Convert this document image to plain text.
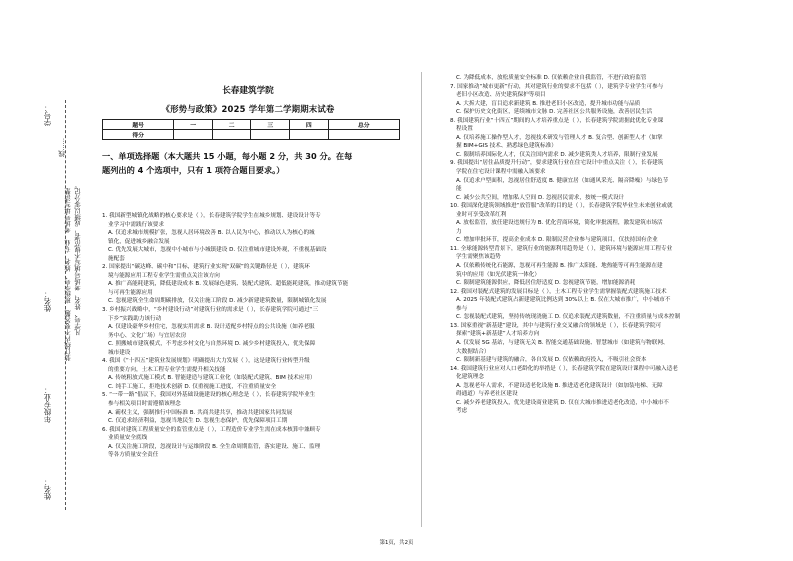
学号：
姓名：
年级专业：
装订线内不要答题，班级学号、姓名、专业、考场号填写清楚， 凡学号、姓名、考场号填写不规范者，成绩以零分记。
线……
姓名：
长春建筑学院
《形势与政策》2025 学年第二学期期末试卷
题号	一	二	三	四	总分
得分					
一、单项选择题（本大题共 15 小题，每小题 2 分，共 30 分。在每
题列出的 4 个选项中，只有 1 项符合题目要求。）

1. 我国新型城镇化战略的核心要求是（ ），长春建筑学院学生在城乡规划、建设设计等专

业学习中需践行该要求

A. 仅追求城市规模扩张，忽视人居环境改善 B. 以人民为中心，推动以人为核心的城

镇化，促进城乡融合发展

C. 优先发展大城市，忽视中小城市与小城镇建设 D. 仅注重城市建设外观，不重视基础设

施配套

2. 国家提出“碳达峰、碳中和”目标，建筑行业实现“双碳”的关键路径是（ ），建筑环

境与能源应用工程专业学生需重点关注该方向

A. 推广高能耗建筑，降低建设成本 B. 发展绿色建筑、装配式建筑、超低能耗建筑，推动建筑节能

与可再生能源应用

C. 忽视建筑全生命周期碳排放，仅关注施工阶段 D. 减少新建建筑数量，限制城镇化发展

3. 乡村振兴战略中，“乡村建设行动”对建筑行业的需求是（ ），长春建筑学院可通过“三

下乡”实践助力该行动

A. 仅建设豪华乡村住宅，忽视实用需求 B. 设计适配乡村特点的公共设施（如养老服

务中心、文化广场）与宜居农房

C. 照搬城市建筑模式，不考虑乡村文化与自然环境 D. 减少乡村建筑投入，优先保障

城市建设

4. 我国《“十四五”建筑业发展规划》明确提出大力发展（ ），这是建筑行业转型升级

的重要方向，土木工程专业学生需提升相关技能

A. 传统粗放式施工模式 B. 智能建造与建筑工业化（如装配式建筑、BIM 技术应用）

C. 纯手工施工，拒绝技术创新 D. 仅重视施工进度，不注重质量安全

5. “一带一路”倡议下，我国对外基础设施建设的核心理念是（ ），长春建筑学院毕业生

参与相关项目时需遵循该理念

A. 霸权主义，强制推行中国标准 B. 共商共建共享，推动共建国家共同发展

C. 仅追求经济利益，忽视当地民生 D. 忽视生态保护，优先保障项目工期

6. 我国对建筑工程质量安全的监管重点是（ ），工程造价专业学生需在成本核算中兼顾专

业质量安全底线

A. 仅关注施工阶段，忽视设计与运维阶段 B. 全生命周期监管，落实建设、施工、监理

等各方质量安全责任

C. 为降低成本，放松质量安全标准 D. 仅依赖企业自我监管，不进行政府监管

7. 国家推动“城市更新”行动，其对建筑行业的要求不包括（ ），建筑学专业学生可参与

老旧小区改造、历史建筑保护等项目

A. 大拆大建，盲目追求新建筑 B. 推进老旧小区改造，提升城市功能与品质

C. 保护历史文化街区，延续城市文脉 D. 完善社区公共服务设施，改善居民生活

8. 我国建筑行业“十四五”期间的人才培养重点是（ ），长春建筑学院需据此优化专业课

程设置

A. 仅培养施工操作型人才，忽视技术研发与管理人才 B. 复合型、创新型人才（如掌

握 BIM+GIS 技术、熟悉绿色建筑标准）

C. 限制培养国际化人才，仅关注国内需求 D. 减少建筑类人才培养，限制行业发展

9. 我国提出“居住品质提升行动”，要求建筑行业在住宅设计中重点关注（ ），长春建筑

学院在住宅设计课程中需融入该要求

A. 仅追求户型面积，忽视居住舒适度 B. 健康宜居（如通风采光、隔音降噪）与绿色节

能

C. 减少公共空间，增加私人空间 D. 忽视居民需求，按统一模式设计

10. 我国深化建筑领域推进“放管服”改革的目的是（ ），长春建筑学院毕业生未来创业或就

业时可享受改革红利

A. 放松监管，放任建设违规行为 B. 优化营商环境，简化审批流程，激发建筑市场活

力

C. 增加审批环节，提高企业成本 D. 限制民营企业参与建筑项目，仅扶持国有企业

11. 全球能源转型背景下，建筑行业的能源利用趋势是（ ），建筑环境与能源应用工程专业

学生需聚焦该趋势

A. 仅依赖传统化石能源，忽视可再生能源 B. 推广太阳能、地热能等可再生能源在建

筑中的应用（如光伏建筑一体化）

C. 限制建筑能源供应，降低居住舒适度 D. 忽视建筑节能，增加能源消耗

12. 我国对装配式建筑的发展目标是（ ），土木工程专业学生需掌握装配式建筑施工技术

A. 2025 年装配式建筑占新建建筑比例达到 30%以上 B. 仅在大城市推广，中小城市不

参与

C. 忽视装配式建筑，坚持传统现浇施工 D. 仅追求装配式建筑数量，不注重质量与成本控制

13. 国家重视“新基建”建设，其中与建筑行业交叉融合的领域是（ ），长春建筑学院可

探索“建筑+新基建”人才培养方向

A. 仅发展 5G 基站，与建筑无关 B. 智能交通基础设施、智慧城市（如建筑与物联网、

大数据结合）

C. 限制新基建与建筑的融合，各自发展 D. 仅依赖政府投入，不吸引社会资本

14. 我国建筑行业应对人口老龄化的举措是（ ），长春建筑学院在建筑设计课程中可融入适老

化建筑理念

A. 忽视老年人需求，不建设适老化设施 B. 推进适老化建筑设计（如加装电梯、无障

碍通道）与养老社区建设

C. 减少养老建筑投入，优先建设商业建筑 D. 仅在大城市推进适老化改造，中小城市不

考虑

第1页，共2页
